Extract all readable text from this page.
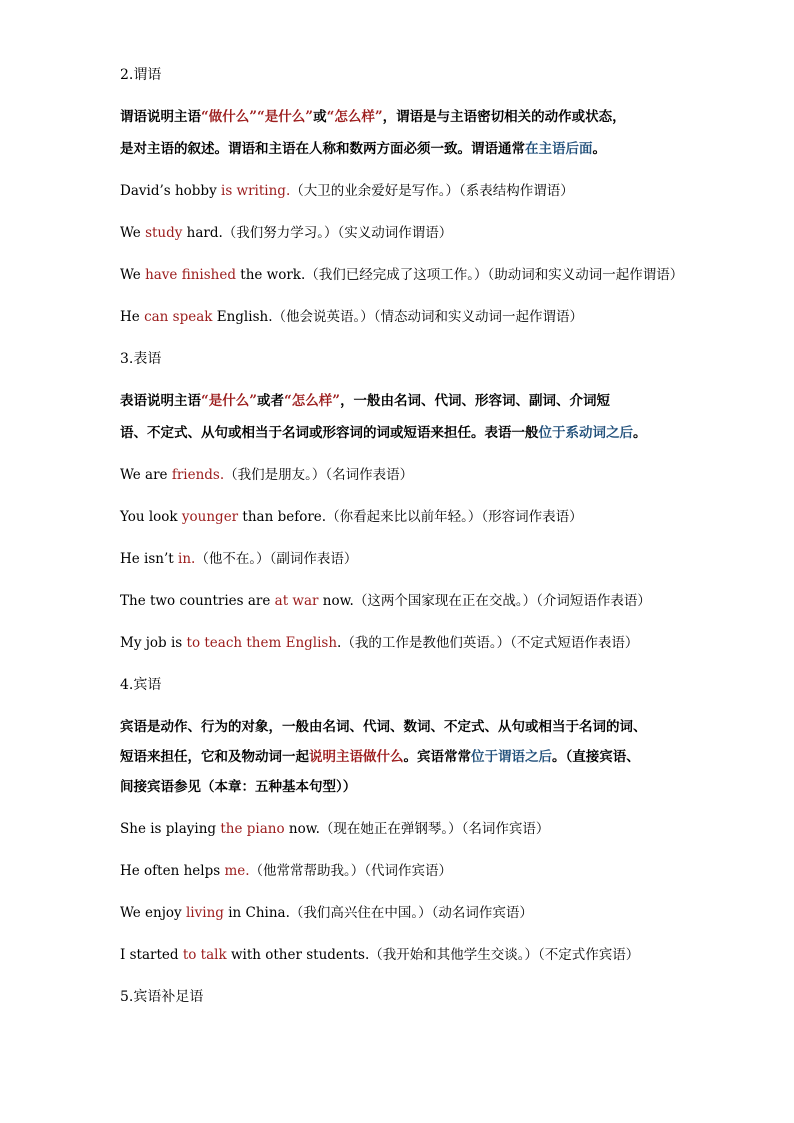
2.谓语
谓语说明主语“做什么”“是什么”或“怎么样”，谓语是与主语密切相关的动作或状态，
是对主语的叙述。谓语和主语在人称和数两方面必须一致。谓语通常在主语后面。
David’s hobby is writing.（大卫的业余爱好是写作。）（系表结构作谓语）
We study hard.（我们努力学习。）（实义动词作谓语）
We have finished the work.（我们已经完成了这项工作。）（助动词和实义动词一起作谓语）
He can speak English.（他会说英语。）（情态动词和实义动词一起作谓语）
3.表语
表语说明主语“是什么”或者“怎么样”，一般由名词、代词、形容词、副词、介词短
语、不定式、从句或相当于名词或形容词的词或短语来担任。表语一般位于系动词之后。
We are friends.（我们是朋友。）（名词作表语）
You look younger than before.（你看起来比以前年轻。）（形容词作表语）
He isn’t in.（他不在。）（副词作表语）
The two countries are at war now.（这两个国家现在正在交战。）（介词短语作表语）
My job is to teach them English.（我的工作是教他们英语。）（不定式短语作表语）
4.宾语
宾语是动作、行为的对象，一般由名词、代词、数词、不定式、从句或相当于名词的词、
短语来担任，它和及物动词一起说明主语做什么。宾语常常位于谓语之后。（直接宾语、
间接宾语参见（本章：五种基本句型））
She is playing the piano now.（现在她正在弹钢琴。）（名词作宾语）
He often helps me.（他常常帮助我。）（代词作宾语）
We enjoy living in China.（我们高兴住在中国。）（动名词作宾语）
I started to talk with other students.（我开始和其他学生交谈。）（不定式作宾语）
5.宾语补足语
